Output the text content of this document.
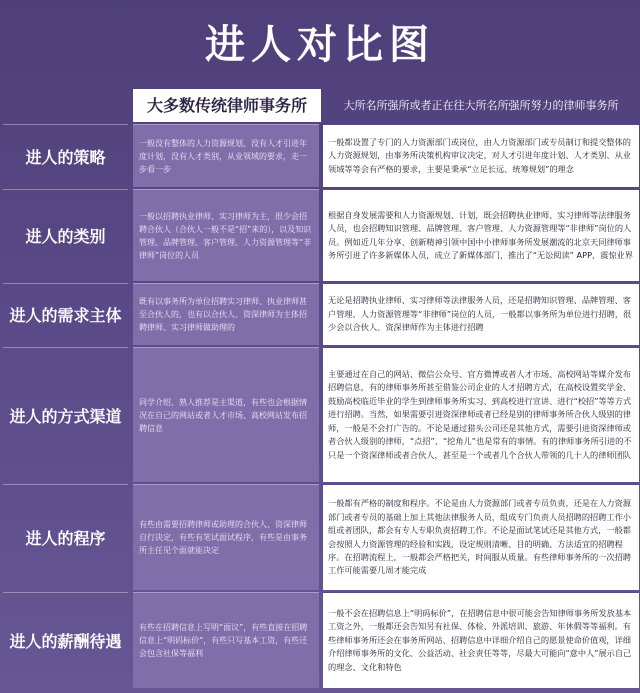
进人对比图
大多数传统律师事务所	大所名所强所或者正在往大所名所强所努力的律师事务所
进人的策略
一般没有整体的人力资源规划，没有人才引进年度计划，没有人才类别，从业领域的要求，走一步看一步
一般都设置了专门的人力资源部门或岗位，由人力资源部门或专员制订和提交整体的人力资源规划，由事务所决策机构审议决定，对人才引进年度计划、人才类别、从业领域等等会有严格的要求，主要是秉承“立足长远、统筹规划”的理念
进人的类别
一般以招聘执业律师、实习律师为主，很少会招聘合伙人（合伙人一般不是“招”来的），以及知识管理、品牌管理、客户管理、人力资源管理等“非律师”岗位的人员
根据自身发展需要和人力资源规划、计划，既会招聘执业律师、实习律师等法律服务人员，也会招聘知识管理、品牌管理、客户管理、人力资源管理等“非律师”岗位的人员。例如近几年分享、创新精神引领中国中小律师事务所发展潮流的北京天同律师事务所引进了许多新媒体人员，成立了新媒体部门，推出了“无讼阅读” APP，震惊业界
进人的需求主体
既有以事务所为单位招聘实习律师、执业律师甚至合伙人的，也有以合伙人、资深律师为主体招聘律师、实习律师做助理的
无论是招聘执业律师、实习律师等法律服务人员，还是招聘知识管理、品牌管理、客户管理、人力资源管理等“非律师”岗位的人员，一般都以事务所为单位进行招聘，很少会以合伙人、资深律师作为主体进行招聘
进人的方式渠道
同学介绍、熟人推荐是主渠道，有些也会根据情况在自己的网站或者人才市场、高校网站发布招聘信息
主要通过在自己的网站、微信公众号、官方微博或者人才市场、高校网站等媒介发布招聘信息，有的律师事务所甚至借鉴公司企业的人才招聘方式，在高校设置奖学金、鼓励高校临近毕业的学生到律师事务所实习、到高校进行宣讲、进行“校招”等等方式进行招聘。当然，如果需要引进资深律师或者已经是别的律师事务所合伙人级别的律师，一般是不会打广告的。不论是通过猎头公司还是其他方式，需要引进资深律师或者合伙人级别的律师，“点招”、“挖角儿”也是常有的事情。有的律师事务所引进的不只是一个资深律师或者合伙人，甚至是一个或者几个合伙人带领的几十人的律师团队
进人的程序
有些由需要招聘律师或助理的合伙人、资深律师自行决定，有些有笔试面试程序，有些是由事务所主任见个面就能决定
一般都有严格的制度和程序。不论是由人力资源部门或者专员负责，还是在人力资源部门或者专员的基础上加上其他法律服务人员，组成专门负责人员招聘的招聘工作小组或者团队，都会有专人专职负责招聘工作。不论是面试笔试还是其他方式，一般都会按照人力资源管理的经验和实践，设定规则清晰、目的明确、方法适宜的招聘程序。在招聘流程上，一般都会严格把关，时间服从质量。有些律师事务所的一次招聘工作可能需要几周才能完成
进人的薪酬待遇
有些在招聘信息上写明“面议”，有些直接在招聘信息上“明码标价”，有些只写基本工资，有些还会包含社保等福利
一般不会在招聘信息上“明码标价”，在招聘信息中很可能会告知律师事务所发放基本工资之外，一般都还会告知另有社保、体检、外派培训、旅游、年休假等等福利。有些律师事务所还会在事务所网站、招聘信息中详细介绍自己的愿景使命价值观，详细介绍律师事务所的文化、公益活动、社会责任等等，尽最大可能向“意中人”展示自己的理念、文化和特色
